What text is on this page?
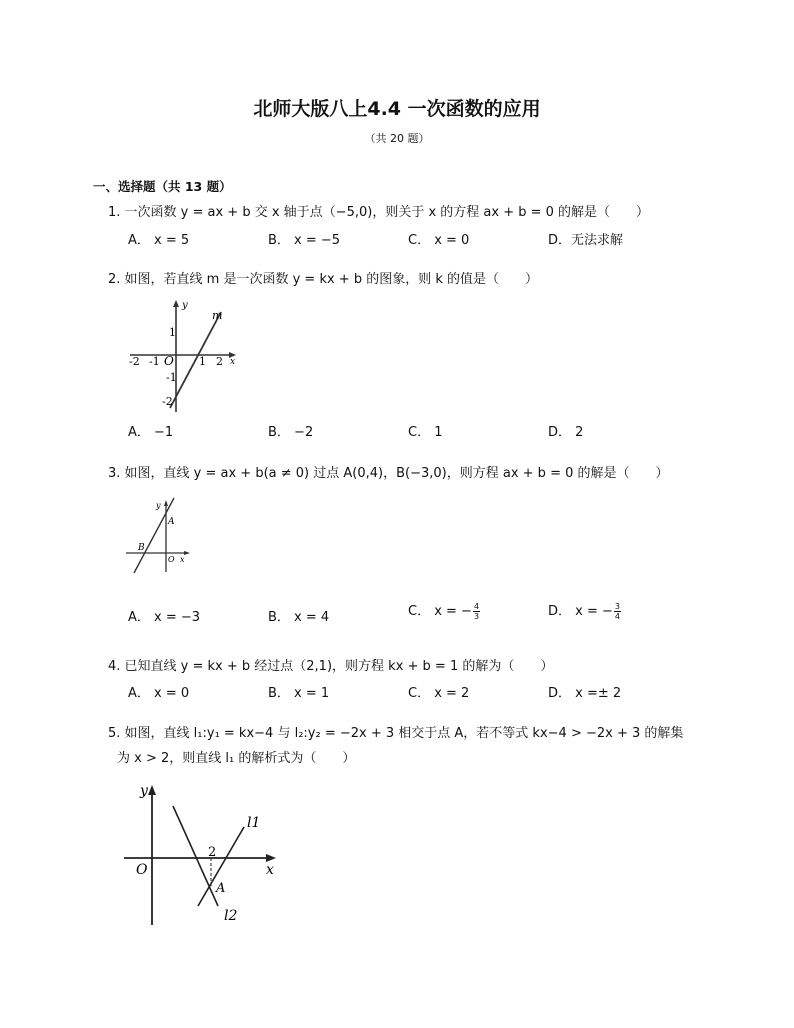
北师大版八上4.4 一次函数的应用
（共 20 题）
一、选择题（共 13 题）
1. 一次函数 y = ax + b 交 x 轴于点（−5,0)，则关于 x 的方程 ax + b = 0 的解是（　　）
A． x = 5	B． x = −5	C． x = 0	D．无法求解
2. 如图，若直线 m 是一次函数 y = kx + b 的图象，则 k 的值是（　　）
y
m
1
-2 -1 O 1 2 x
-1
-2
A． −1	B． −2	C． 1	D． 2
3. 如图，直线 y = ax + b(a ≠ 0) 过点 A(0,4)，B(−3,0)，则方程 ax + b = 0 的解是（　　）
y
A
B
O x
A． x = −3	B． x = 4	C． x = − $\frac{4}{3}$	D． x = − $\frac{3}{4}$
4. 已知直线 y = kx + b 经过点（2,1)，则方程 kx + b = 1 的解为（　　）
A． x = 0	B． x = 1	C． x = 2	D． x =± 2
5. 如图，直线 l₁:y₁ = kx−4 与 l₂:y₂ = −2x + 3 相交于点 A，若不等式 kx−4 > −2x + 3 的解集
为 x > 2，则直线 l₁ 的解析式为（　　）
y
l1
2
O	x
A
l2
